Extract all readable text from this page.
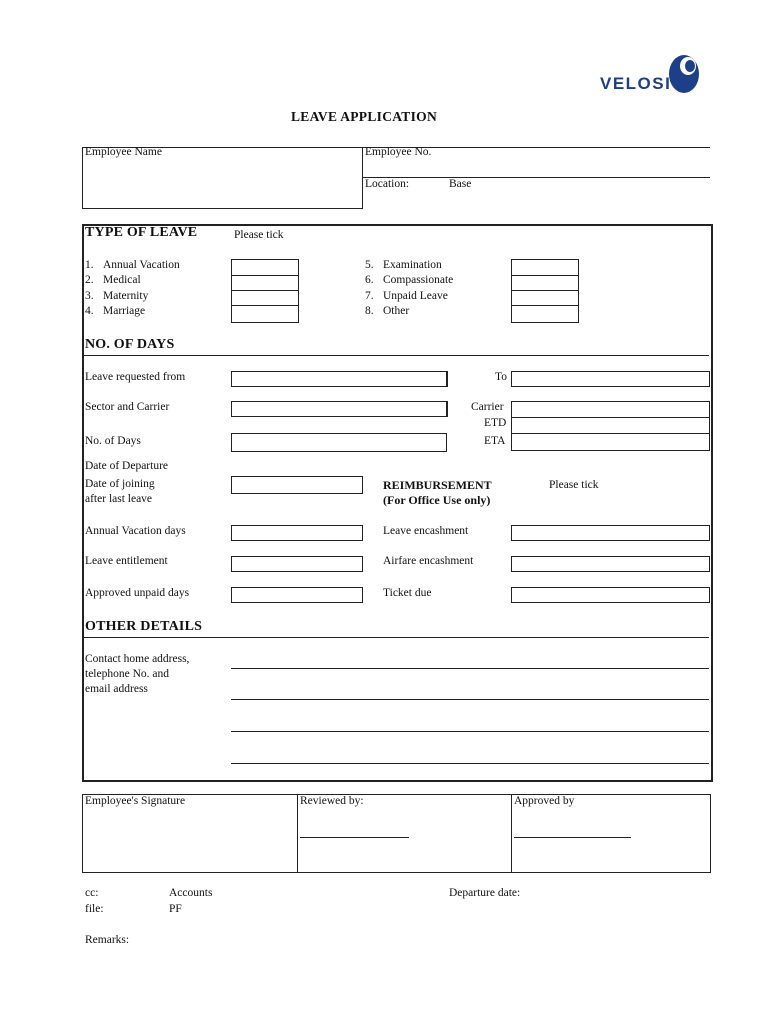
VELOSI
LEAVE APPLICATION
Employee Name	Employee No.
Location:	Base
TYPE OF LEAVE	Please tick
1. Annual Vacation
2. Medical
3. Maternity
4. Marriage
5. Examination
6. Compassionate
7. Unpaid Leave
8. Other
NO. OF DAYS
Leave requested from	To
Sector and Carrier	Carrier
ETD
ETA
No. of Days
Date of Departure
Date of joining
after last leave
REIMBURSEMENT
(For Office Use only)
Please tick
Annual Vacation days	Leave encashment
Leave entitlement	Airfare encashment
Approved unpaid days	Ticket due
OTHER DETAILS
Contact home address,
telephone No. and
email address
Employee's Signature	Reviewed by:	Approved by
cc:	Accounts
file:	PF
Departure date:
Remarks:
